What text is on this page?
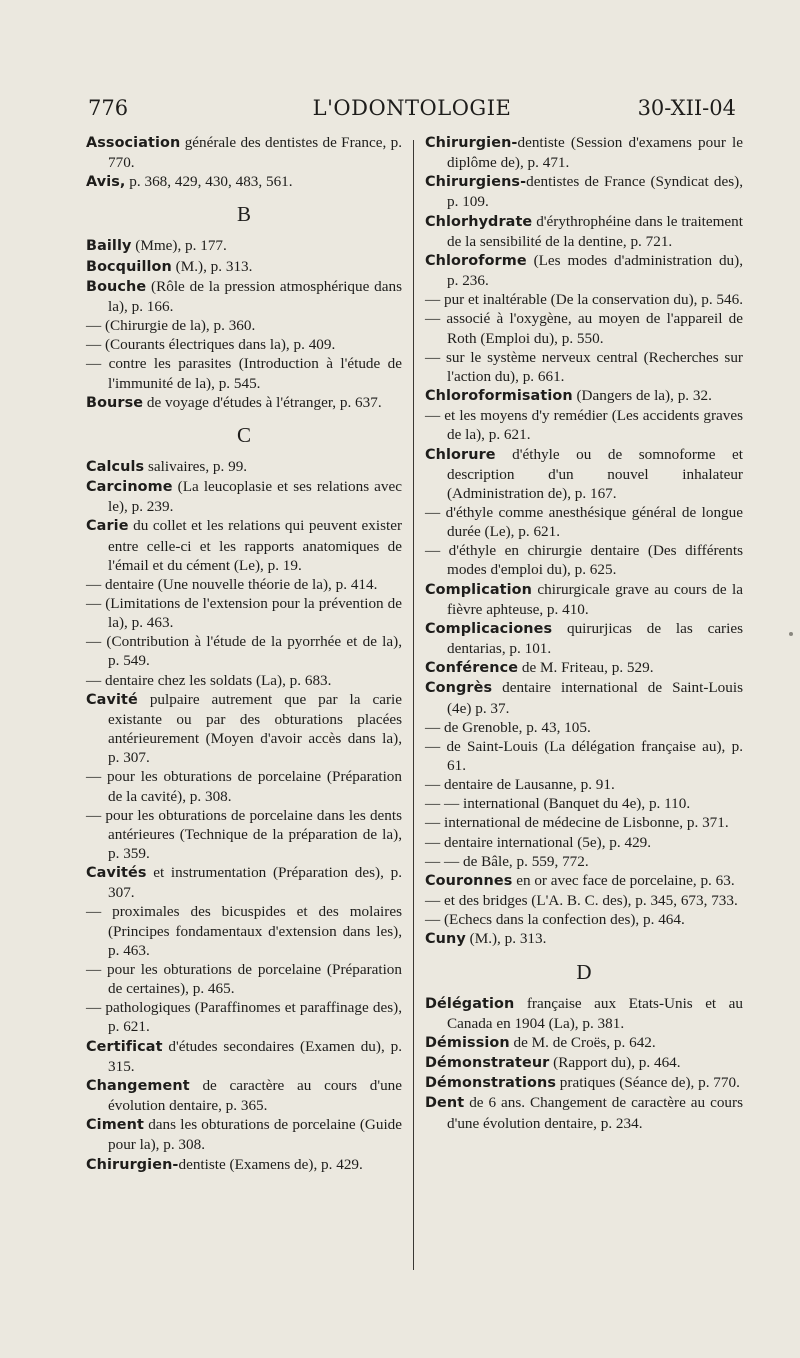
776	L'ODONTOLOGIE	30-XII-04
Association générale des dentistes de France, p. 770.
Avis, p. 368, 429, 430, 483, 561.
B
Bailly (Mme), p. 177.
Bocquillon (M.), p. 313.
Bouche (Rôle de la pression atmosphérique dans la), p. 166.
— (Chirurgie de la), p. 360.
— (Courants électriques dans la), p. 409.
— contre les parasites (Introduction à l'étude de l'immunité de la), p. 545.
Bourse de voyage d'études à l'étranger, p. 637.
C
Calculs salivaires, p. 99.
Carcinome (La leucoplasie et ses relations avec le), p. 239.
Carie du collet et les relations qui peuvent exister entre celle-ci et les rapports anatomiques de l'émail et du cément (Le), p. 19.
— dentaire (Une nouvelle théorie de la), p. 414.
— (Limitations de l'extension pour la prévention de la), p. 463.
— (Contribution à l'étude de la pyorrhée et de la), p. 549.
— dentaire chez les soldats (La), p. 683.
Cavité pulpaire autrement que par la carie existante ou par des obturations placées antérieurement (Moyen d'avoir accès dans la), p. 307.
— pour les obturations de porcelaine (Préparation de la cavité), p. 308.
— pour les obturations de porcelaine dans les dents antérieures (Technique de la préparation de la), p. 359.
Cavités et instrumentation (Préparation des), p. 307.
— proximales des bicuspides et des molaires (Principes fondamentaux d'extension dans les), p. 463.
— pour les obturations de porcelaine (Préparation de certaines), p. 465.
— pathologiques (Paraffinomes et paraffinage des), p. 621.
Certificat d'études secondaires (Examen du), p. 315.
Changement de caractère au cours d'une évolution dentaire, p. 365.
Ciment dans les obturations de porcelaine (Guide pour la), p. 308.
Chirurgien-dentiste (Examens de), p. 429.
Chirurgien-dentiste (Session d'examens pour le diplôme de), p. 471.
Chirurgiens-dentistes de France (Syndicat des), p. 109.
Chlorhydrate d'érythrophéine dans le traitement de la sensibilité de la dentine, p. 721.
Chloroforme (Les modes d'administration du), p. 236.
— pur et inaltérable (De la conservation du), p. 546.
— associé à l'oxygène, au moyen de l'appareil de Roth (Emploi du), p. 550.
— sur le système nerveux central (Recherches sur l'action du), p. 661.
Chloroformisation (Dangers de la), p. 32.
— et les moyens d'y remédier (Les accidents graves de la), p. 621.
Chlorure d'éthyle ou de somnoforme et description d'un nouvel inhalateur (Administration de), p. 167.
— d'éthyle comme anesthésique général de longue durée (Le), p. 621.
— d'éthyle en chirurgie dentaire (Des différents modes d'emploi du), p. 625.
Complication chirurgicale grave au cours de la fièvre aphteuse, p. 410.
Complicaciones quirurjicas de las caries dentarias, p. 101.
Conférence de M. Friteau, p. 529.
Congrès dentaire international de Saint-Louis (4e) p. 37.
— de Grenoble, p. 43, 105.
— de Saint-Louis (La délégation française au), p. 61.
— dentaire de Lausanne, p. 91.
— — international (Banquet du 4e), p. 110.
— international de médecine de Lisbonne, p. 371.
— dentaire international (5e), p. 429.
— — de Bâle, p. 559, 772.
Couronnes en or avec face de porcelaine, p. 63.
— et des bridges (L'A. B. C. des), p. 345, 673, 733.
— (Echecs dans la confection des), p. 464.
Cuny (M.), p. 313.
D
Délégation française aux Etats-Unis et au Canada en 1904 (La), p. 381.
Démission de M. de Croës, p. 642.
Démonstrateur (Rapport du), p. 464.
Démonstrations pratiques (Séance de), p. 770.
Dent de 6 ans. Changement de caractère au cours d'une évolution dentaire, p. 234.
